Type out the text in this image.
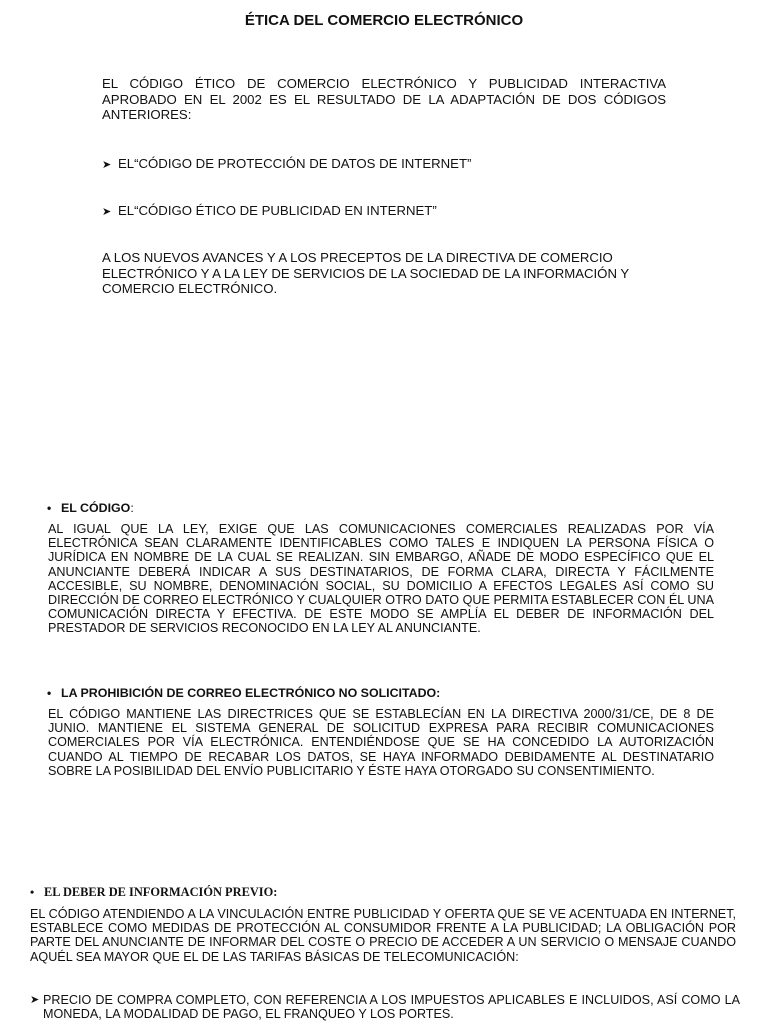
ÉTICA DEL COMERCIO ELECTRÓNICO
EL CÓDIGO ÉTICO DE COMERCIO ELECTRÓNICO Y PUBLICIDAD INTERACTIVA APROBADO EN EL 2002 ES EL RESULTADO DE LA ADAPTACIÓN DE DOS CÓDIGOS ANTERIORES:
➤ EL“CÓDIGO DE PROTECCIÓN DE DATOS DE INTERNET”
➤ EL“CÓDIGO ÉTICO DE PUBLICIDAD EN INTERNET”
A LOS NUEVOS AVANCES Y A LOS PRECEPTOS DE LA DIRECTIVA DE COMERCIO ELECTRÓNICO Y A LA LEY DE SERVICIOS DE LA SOCIEDAD DE LA INFORMACIÓN Y COMERCIO ELECTRÓNICO.
• EL CÓDIGO :
AL IGUAL QUE LA LEY, EXIGE QUE LAS COMUNICACIONES COMERCIALES REALIZADAS POR VÍA ELECTRÓNICA SEAN CLARAMENTE IDENTIFICABLES COMO TALES E INDIQUEN LA PERSONA FÍSICA O JURÍDICA EN NOMBRE DE LA CUAL SE REALIZAN. SIN EMBARGO, AÑADE DE MODO ESPECÍFICO QUE EL ANUNCIANTE DEBERÁ INDICAR A SUS DESTINATARIOS, DE FORMA CLARA, DIRECTA Y FÁCILMENTE ACCESIBLE, SU NOMBRE, DENOMINACIÓN SOCIAL, SU DOMICILIO A EFECTOS LEGALES ASÍ COMO SU DIRECCIÓN DE CORREO ELECTRÓNICO Y CUALQUIER OTRO DATO QUE PERMITA ESTABLECER CON ÉL UNA COMUNICACIÓN DIRECTA Y EFECTIVA. DE ESTE MODO SE AMPLÍA EL DEBER DE INFORMACIÓN DEL PRESTADOR DE SERVICIOS RECONOCIDO EN LA LEY AL ANUNCIANTE.
• LA PROHIBICIÓN DE CORREO ELECTRÓNICO NO SOLICITADO:
EL CÓDIGO MANTIENE LAS DIRECTRICES QUE SE ESTABLECÍAN EN LA DIRECTIVA 2000/31/CE, DE 8 DE JUNIO. MANTIENE EL SISTEMA GENERAL DE SOLICITUD EXPRESA PARA RECIBIR COMUNICACIONES COMERCIALES POR VÍA ELECTRÓNICA. ENTENDIÉNDOSE QUE SE HA CONCEDIDO LA AUTORIZACIÓN CUANDO AL TIEMPO DE RECABAR LOS DATOS, SE HAYA INFORMADO DEBIDAMENTE AL DESTINATARIO SOBRE LA POSIBILIDAD DEL ENVÍO PUBLICITARIO Y ÉSTE HAYA OTORGADO SU CONSENTIMIENTO.
• EL DEBER DE INFORMACIÓN PREVIO:
EL CÓDIGO ATENDIENDO A LA VINCULACIÓN ENTRE PUBLICIDAD Y OFERTA QUE SE VE ACENTUADA EN INTERNET, ESTABLECE COMO MEDIDAS DE PROTECCIÓN AL CONSUMIDOR FRENTE A LA PUBLICIDAD; LA OBLIGACIÓN POR PARTE DEL ANUNCIANTE DE INFORMAR DEL COSTE O PRECIO DE ACCEDER A UN SERVICIO O MENSAJE CUANDO AQUÉL SEA MAYOR QUE EL DE LAS TARIFAS BÁSICAS DE TELECOMUNICACIÓN:
➤ PRECIO DE COMPRA COMPLETO, CON REFERENCIA A LOS IMPUESTOS APLICABLES E INCLUIDOS, ASÍ COMO LA MONEDA, LA MODALIDAD DE PAGO, EL FRANQUEO Y LOS PORTES.
